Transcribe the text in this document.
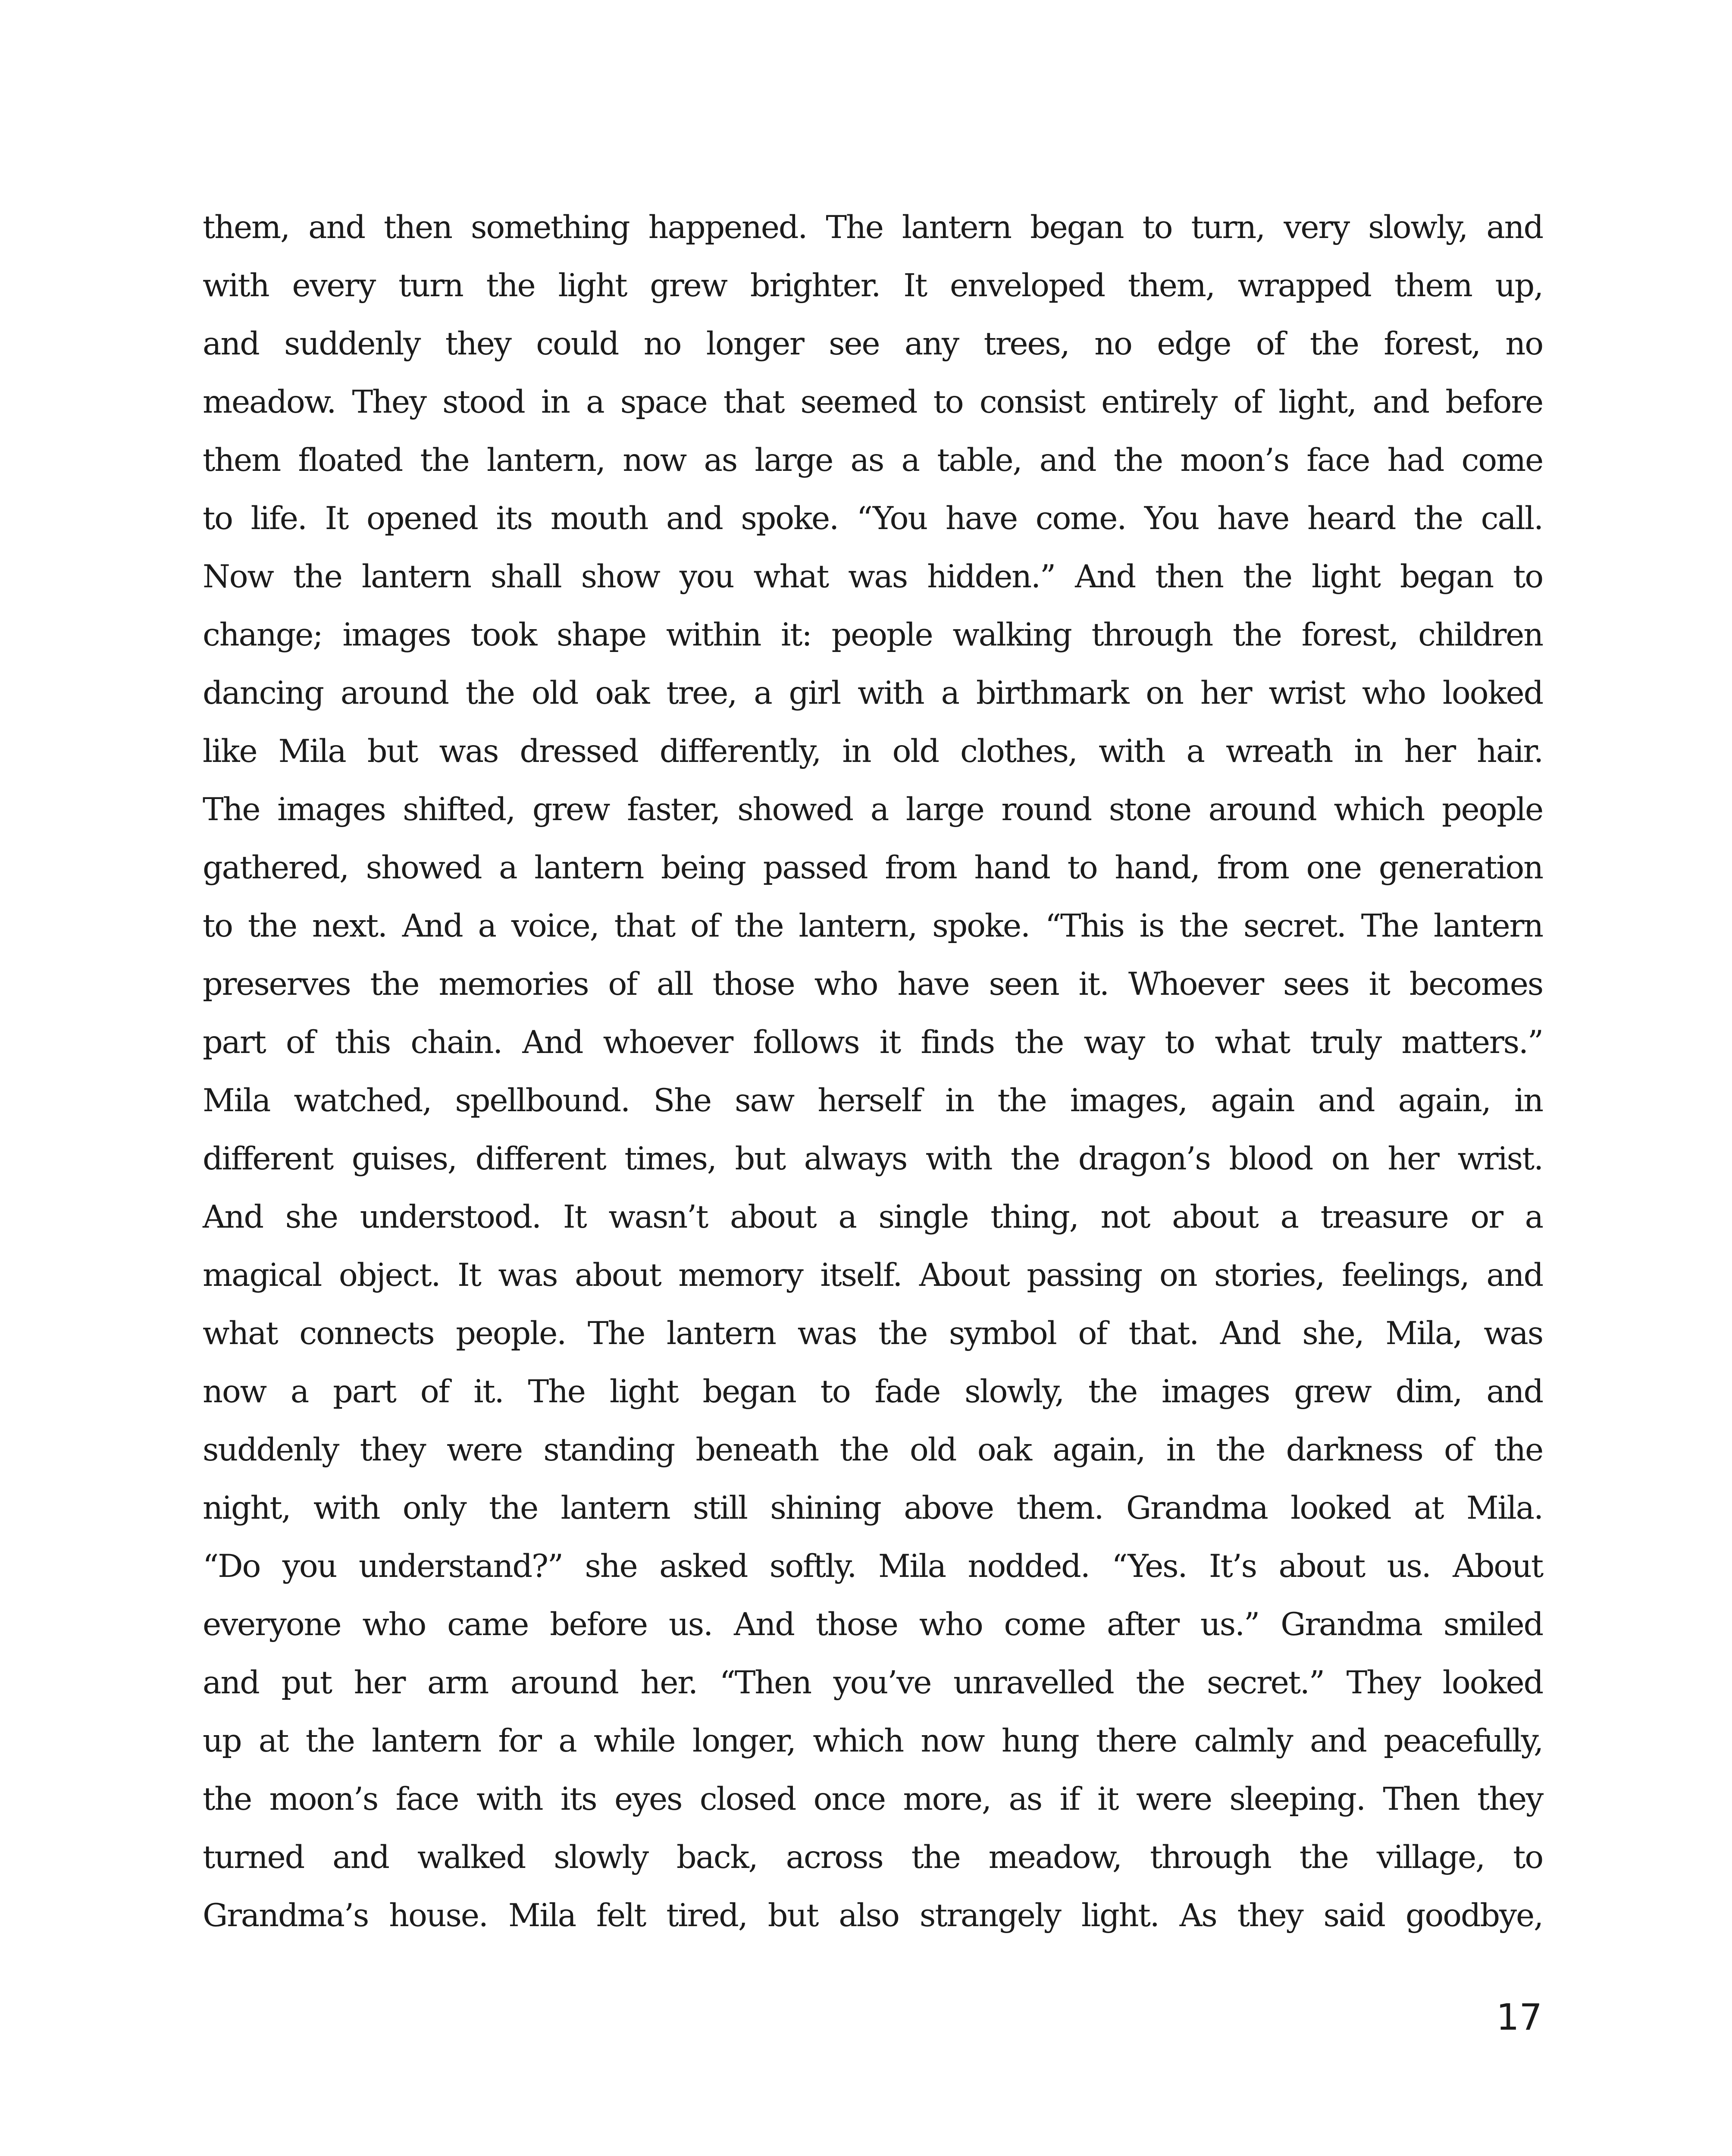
them, and then something happened. The lantern began to turn, very slowly, and
with every turn the light grew brighter. It enveloped them, wrapped them up,
and suddenly they could no longer see any trees, no edge of the forest, no
meadow. They stood in a space that seemed to consist entirely of light, and before
them floated the lantern, now as large as a table, and the moon’s face had come
to life. It opened its mouth and spoke. “You have come. You have heard the call.
Now the lantern shall show you what was hidden.” And then the light began to
change; images took shape within it: people walking through the forest, children
dancing around the old oak tree, a girl with a birthmark on her wrist who looked
like Mila but was dressed differently, in old clothes, with a wreath in her hair.
The images shifted, grew faster, showed a large round stone around which people
gathered, showed a lantern being passed from hand to hand, from one generation
to the next. And a voice, that of the lantern, spoke. “This is the secret. The lantern
preserves the memories of all those who have seen it. Whoever sees it becomes
part of this chain. And whoever follows it finds the way to what truly matters.”
Mila watched, spellbound. She saw herself in the images, again and again, in
different guises, different times, but always with the dragon’s blood on her wrist.
And she understood. It wasn’t about a single thing, not about a treasure or a
magical object. It was about memory itself. About passing on stories, feelings, and
what connects people. The lantern was the symbol of that. And she, Mila, was
now a part of it. The light began to fade slowly, the images grew dim, and
suddenly they were standing beneath the old oak again, in the darkness of the
night, with only the lantern still shining above them. Grandma looked at Mila.
“Do you understand?” she asked softly. Mila nodded. “Yes. It’s about us. About
everyone who came before us. And those who come after us.” Grandma smiled
and put her arm around her. “Then you’ve unravelled the secret.” They looked
up at the lantern for a while longer, which now hung there calmly and peacefully,
the moon’s face with its eyes closed once more, as if it were sleeping. Then they
turned and walked slowly back, across the meadow, through the village, to
Grandma’s house. Mila felt tired, but also strangely light. As they said goodbye,
17
